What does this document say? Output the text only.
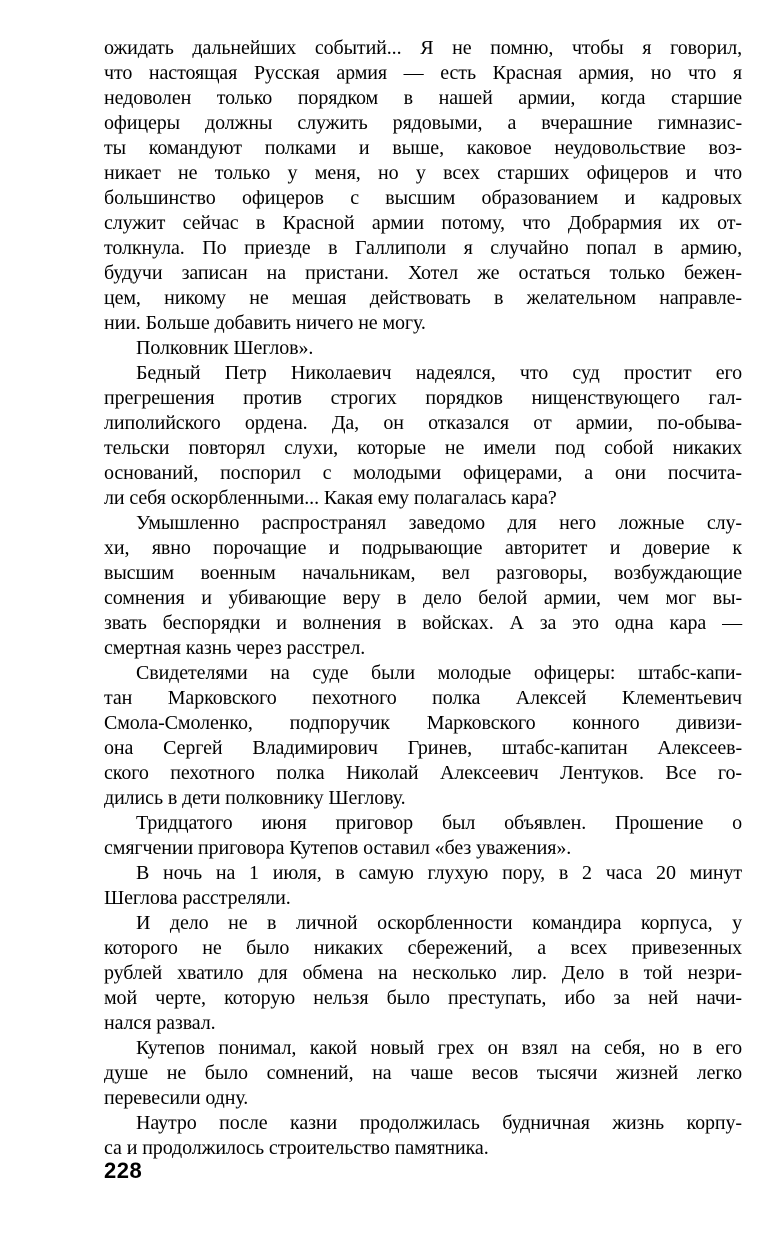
ожидать дальнейших событий... Я не помню, чтобы я говорил,
что настоящая Русская армия — есть Красная армия, но что я
недоволен только порядком в нашей армии, когда старшие
офицеры должны служить рядовыми, а вчерашние гимназис-
ты командуют полками и выше, каковое неудовольствие воз-
никает не только у меня, но у всех старших офицеров и что
большинство офицеров с высшим образованием и кадровых
служит сейчас в Красной армии потому, что Добрармия их от-
толкнула. По приезде в Галлиполи я случайно попал в армию,
будучи записан на пристани. Хотел же остаться только бежен-
цем, никому не мешая действовать в желательном направле-
нии. Больше добавить ничего не могу.
Полковник Шеглов».
Бедный Петр Николаевич надеялся, что суд простит его
прегрешения против строгих порядков нищенствующего гал-
липолийского ордена. Да, он отказался от армии, по-обыва-
тельски повторял слухи, которые не имели под собой никаких
оснований, поспорил с молодыми офицерами, а они посчита-
ли себя оскорбленными... Какая ему полагалась кара?
Умышленно распространял заведомо для него ложные слу-
хи, явно порочащие и подрывающие авторитет и доверие к
высшим военным начальникам, вел разговоры, возбуждающие
сомнения и убивающие веру в дело белой армии, чем мог вы-
звать беспорядки и волнения в войсках. А за это одна кара —
смертная казнь через расстрел.
Свидетелями на суде были молодые офицеры: штабс-капи-
тан Марковского пехотного полка Алексей Клементьевич
Смола-Смоленко, подпоручик Марковского конного дивизи-
она Сергей Владимирович Гринев, штабс-капитан Алексеев-
ского пехотного полка Николай Алексеевич Лентуков. Все го-
дились в дети полковнику Шеглову.
Тридцатого июня приговор был объявлен. Прошение о
смягчении приговора Кутепов оставил «без уважения».
В ночь на 1 июля, в самую глухую пору, в 2 часа 20 минут
Шеглова расстреляли.
И дело не в личной оскорбленности командира корпуса, у
которого не было никаких сбережений, а всех привезенных
рублей хватило для обмена на несколько лир. Дело в той незри-
мой черте, которую нельзя было преступать, ибо за ней начи-
нался развал.
Кутепов понимал, какой новый грех он взял на себя, но в его
душе не было сомнений, на чаше весов тысячи жизней легко
перевесили одну.
Наутро после казни продолжилась будничная жизнь корпу-
са и продолжилось строительство памятника.
228
